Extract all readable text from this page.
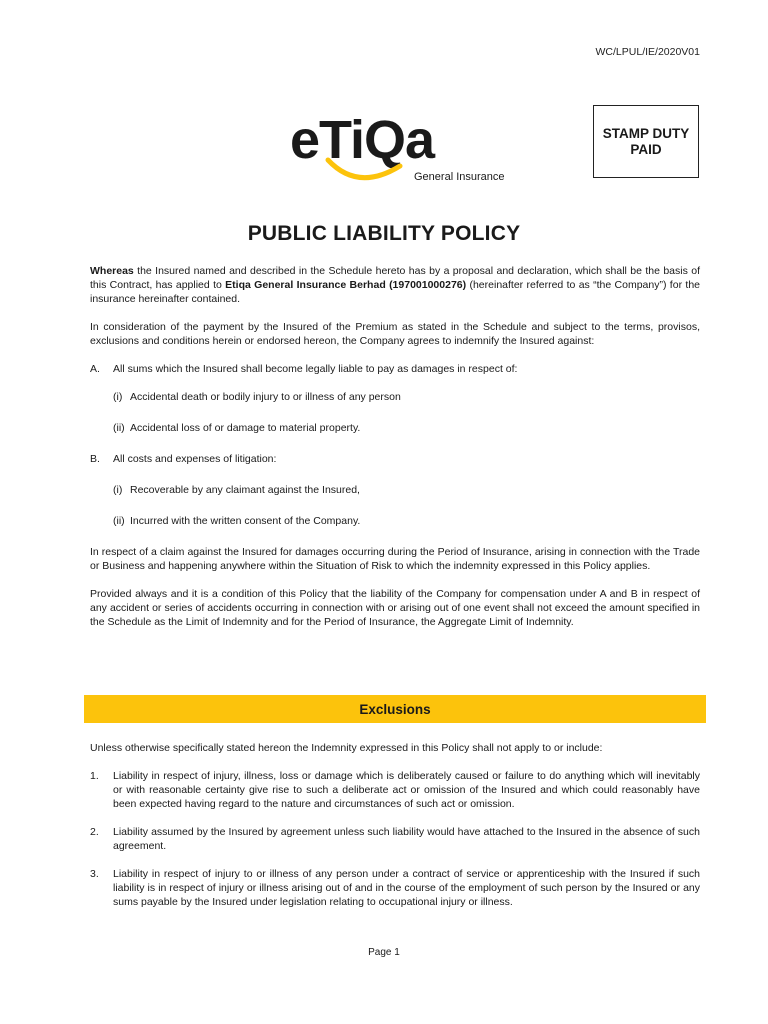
WC/LPUL/IE/2020V01
eTiQa
General Insurance
STAMP DUTY
PAID
PUBLIC LIABILITY POLICY

Whereas the Insured named and described in the Schedule hereto has by a proposal and declaration, which shall be the basis of this Contract, has applied to Etiqa General Insurance Berhad (197001000276) (hereinafter referred to as “the Company”) for the insurance hereinafter contained.

In consideration of the payment by the Insured of the Premium as stated in the Schedule and subject to the terms, provisos, exclusions and conditions herein or endorsed hereon, the Company agrees to indemnify the Insured against:

A.	All sums which the Insured shall become legally liable to pay as damages in respect of:
(i) Accidental death or bodily injury to or illness of any person
(ii) Accidental loss of or damage to material property.
B.	All costs and expenses of litigation:
(i) Recoverable by any claimant against the Insured,
(ii) Incurred with the written consent of the Company.

In respect of a claim against the Insured for damages occurring during the Period of Insurance, arising in connection with the Trade or Business and happening anywhere within the Situation of Risk to which the indemnity expressed in this Policy applies.

Provided always and it is a condition of this Policy that the liability of the Company for compensation under A and B in respect of any accident or series of accidents occurring in connection with or arising out of one event shall not exceed the amount specified in the Schedule as the Limit of Indemnity and for the Period of Insurance, the Aggregate Limit of Indemnity.

Exclusions

Unless otherwise specifically stated hereon the Indemnity expressed in this Policy shall not apply to or include:

1.	Liability in respect of injury, illness, loss or damage which is deliberately caused or failure to do anything which will inevitably or with reasonable certainty give rise to such a deliberate act or omission of the Insured and which could reasonably have been expected having regard to the nature and circumstances of such act or omission.
2.	Liability assumed by the Insured by agreement unless such liability would have attached to the Insured in the absence of such agreement.
3.	Liability in respect of injury to or illness of any person under a contract of service or apprenticeship with the Insured if such liability is in respect of injury or illness arising out of and in the course of the employment of such person by the Insured or any sums payable by the Insured under legislation relating to occupational injury or illness.
Page 1
